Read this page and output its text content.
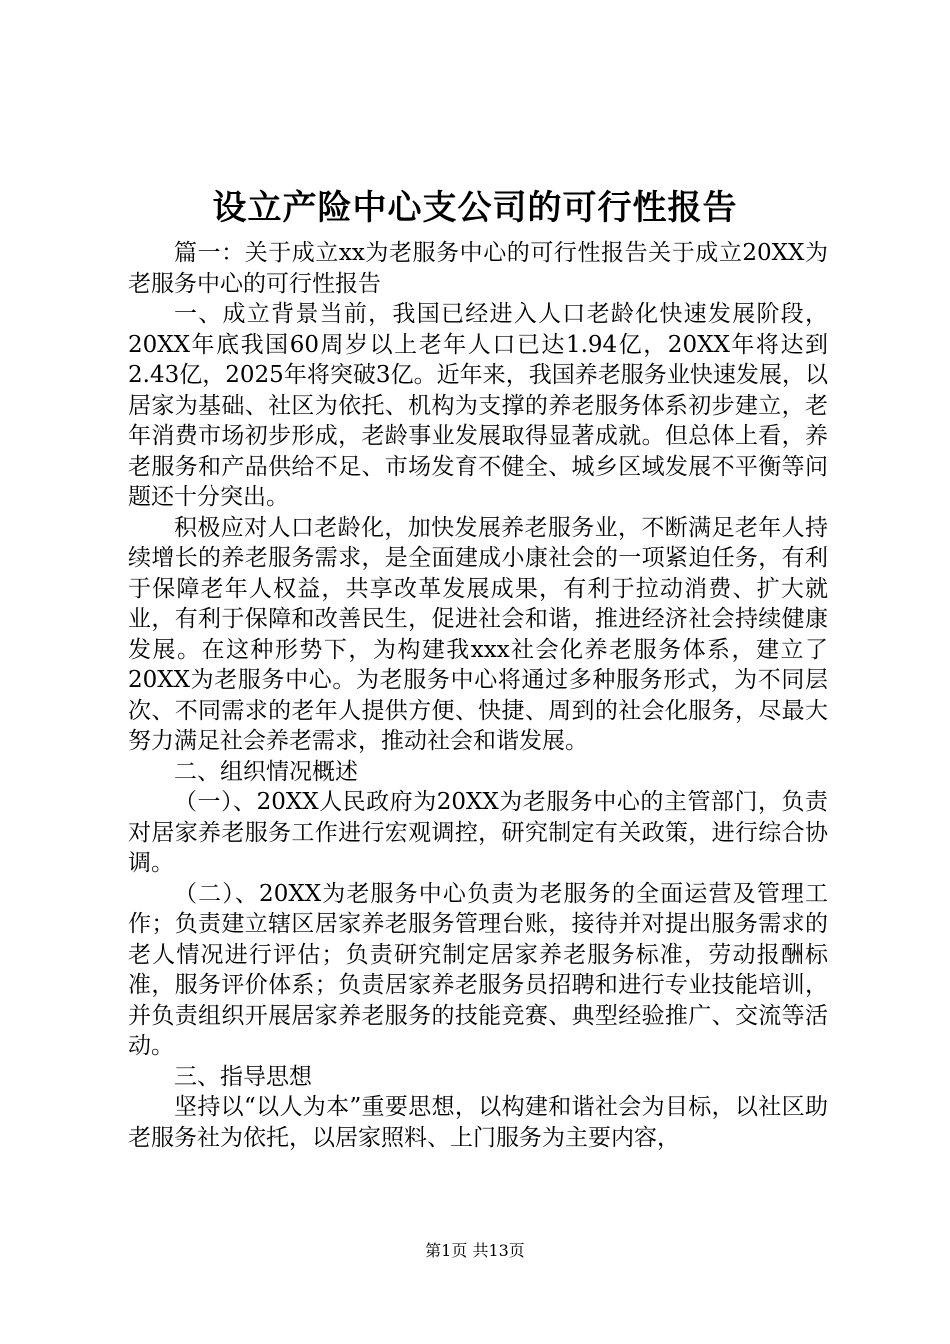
设立产险中心支公司的可行性报告

篇一：关于成立xx为老服务中心的可行性报告关于成立20XX为老服务中心的可行性报告

一、成立背景当前，我国已经进入人口老龄化快速发展阶段，20XX年底我国60周岁以上老年人口已达1.94亿，20XX年将达到2.43亿，2025年将突破3亿。近年来，我国养老服务业快速发展，以居家为基础、社区为依托、机构为支撑的养老服务体系初步建立，老年消费市场初步形成，老龄事业发展取得显著成就。但总体上看，养老服务和产品供给不足、市场发育不健全、城乡区域发展不平衡等问题还十分突出。

积极应对人口老龄化，加快发展养老服务业，不断满足老年人持续增长的养老服务需求，是全面建成小康社会的一项紧迫任务，有利于保障老年人权益，共享改革发展成果，有利于拉动消费、扩大就业，有利于保障和改善民生，促进社会和谐，推进经济社会持续健康发展。在这种形势下，为构建我xxx社会化养老服务体系，建立了20XX为老服务中心。为老服务中心将通过多种服务形式，为不同层次、不同需求的老年人提供方便、快捷、周到的社会化服务，尽最大努力满足社会养老需求，推动社会和谐发展。

二、组织情况概述

（一）、20XX人民政府为20XX为老服务中心的主管部门，负责对居家养老服务工作进行宏观调控，研究制定有关政策，进行综合协调。

（二）、20XX为老服务中心负责为老服务的全面运营及管理工作；负责建立辖区居家养老服务管理台账，接待并对提出服务需求的老人情况进行评估；负责研究制定居家养老服务标准，劳动报酬标准，服务评价体系；负责居家养老服务员招聘和进行专业技能培训，并负责组织开展居家养老服务的技能竞赛、典型经验推广、交流等活动。

三、指导思想

坚持以“以人为本”重要思想，以构建和谐社会为目标，以社区助老服务社为依托，以居家照料、上门服务为主要内容，

第1页 共13页
